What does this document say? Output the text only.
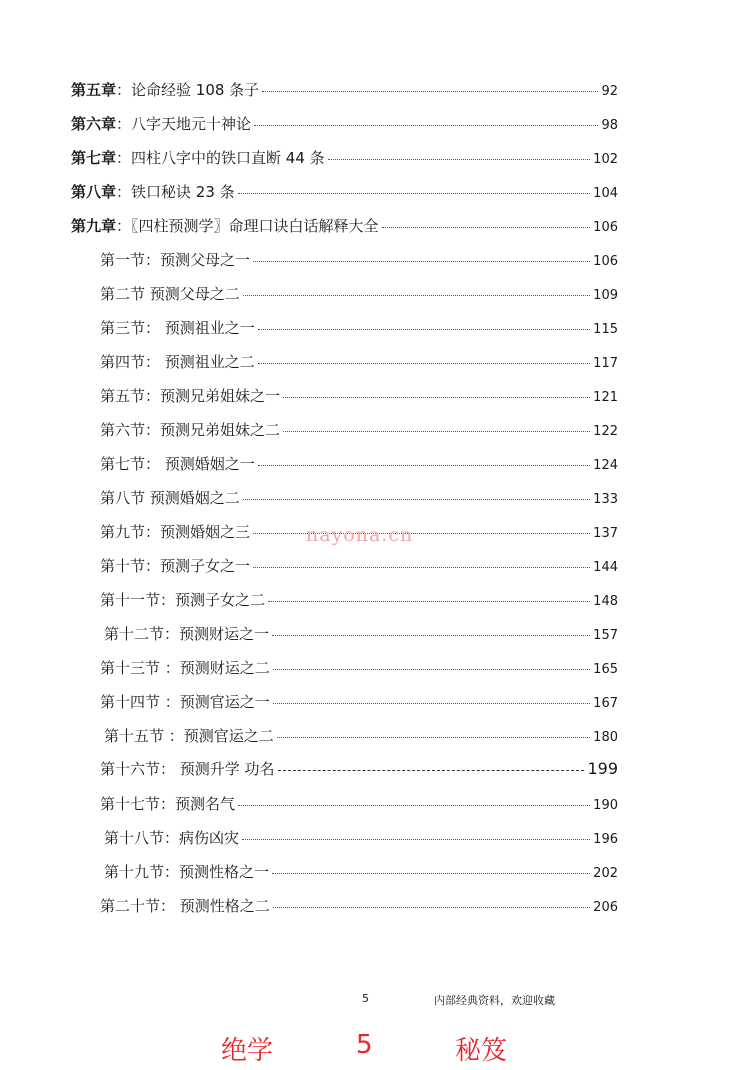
第五章：论命经验 108 条子	92
第六章：八字天地元十神论	98
第七章：四柱八字中的铁口直断 44 条	102
第八章：铁口秘诀 23 条	104
第九章：〖四柱预测学〗命理口诀白话解释大全	106
第一节：预测父母之一	106
第二节 预测父母之二	109
第三节： 预测祖业之一	115
第四节： 预测祖业之二	117
第五节：预测兄弟姐妹之一	121
第六节：预测兄弟姐妹之二	122
第七节： 预测婚姻之一	124
第八节 预测婚姻之二	133
第九节：预测婚姻之三	137
第十节：预测子女之一	144
第十一节：预测子女之二	148
第十二节：预测财运之一	157
第十三节 ：预测财运之二	165
第十四节 ：预测官运之一	167
第十五节 ：预测官运之二	180
第十六节： 预测升学 功名	199
第十七节：预测名气	190
第十八节：病伤凶灾	196
第十九节：预测性格之一	202
第二十节： 预测性格之二	206
nayona.cn
5	内部经典资料，欢迎收藏
绝学	5	秘笈
